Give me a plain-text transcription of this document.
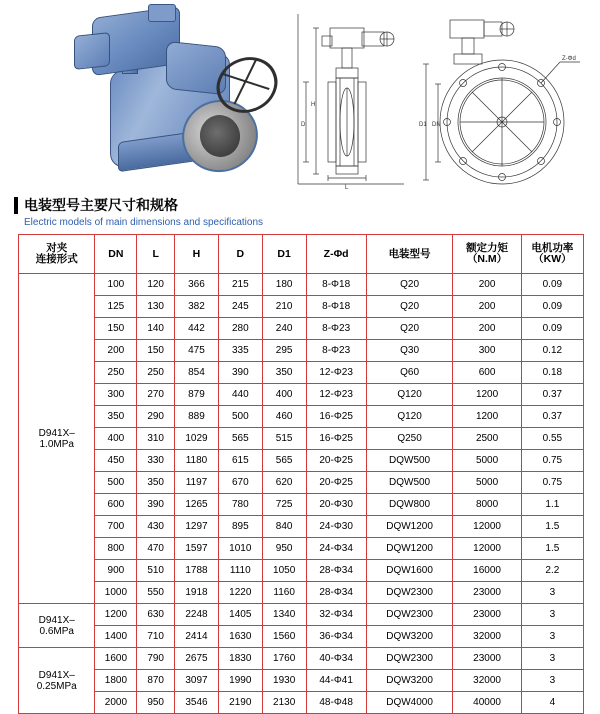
D
H
L
Z-Φd
D1 DN
电装型号主要尺寸和规格
Electric models of main dimensions and specifications
对夹
连接形式	DN	L	H	D	D1	Z-Φd	电装型号	额定力矩
（N.M）	电机功率
（KW）
D941X–
1.0MPa	100	120	366	215	180	8-Φ18	Q20	200	0.09
	125	130	382	245	210	8-Φ18	Q20	200	0.09
	150	140	442	280	240	8-Φ23	Q20	200	0.09
	200	150	475	335	295	8-Φ23	Q30	300	0.12
	250	250	854	390	350	12-Φ23	Q60	600	0.18
	300	270	879	440	400	12-Φ23	Q120	1200	0.37
	350	290	889	500	460	16-Φ25	Q120	1200	0.37
	400	310	1029	565	515	16-Φ25	Q250	2500	0.55
	450	330	1180	615	565	20-Φ25	DQW500	5000	0.75
	500	350	1197	670	620	20-Φ25	DQW500	5000	0.75
	600	390	1265	780	725	20-Φ30	DQW800	8000	1.1
	700	430	1297	895	840	24-Φ30	DQW1200	12000	1.5
	800	470	1597	1010	950	24-Φ34	DQW1200	12000	1.5
	900	510	1788	1110	1050	28-Φ34	DQW1600	16000	2.2
	1000	550	1918	1220	1160	28-Φ34	DQW2300	23000	3
D941X–
0.6MPa	1200	630	2248	1405	1340	32-Φ34	DQW2300	23000	3
	1400	710	2414	1630	1560	36-Φ34	DQW3200	32000	3
D941X–
0.25MPa	1600	790	2675	1830	1760	40-Φ34	DQW2300	23000	3
	1800	870	3097	1990	1930	44-Φ41	DQW3200	32000	3
	2000	950	3546	2190	2130	48-Φ48	DQW4000	40000	4
